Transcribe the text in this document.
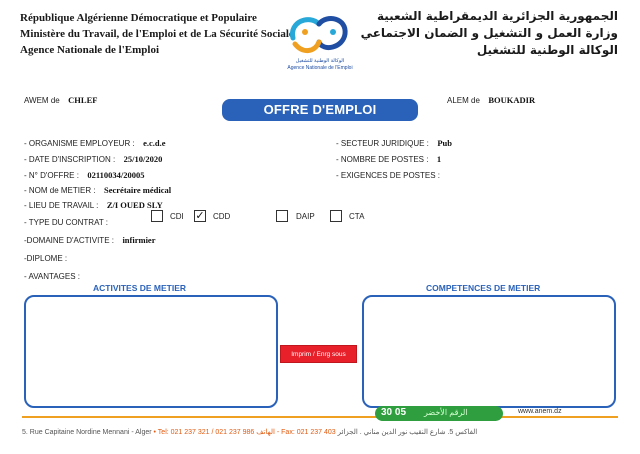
République Algérienne Démocratique et Populaire
Ministère du Travail, de l'Emploi et de La Sécurité Sociale
Agence Nationale de l'Emploi
الوكالة الوطنية للتشغيل
Agence Nationale de l'Emploi
الجمهورية الجزائرية الديمقراطية الشعبية
وزارة العمل و التشغيل و الضمان الاجتماعي
الوكالة الوطنية للتشغيل
AWEM de CHLEF	ALEM de BOUKADIR
OFFRE D'EMPLOI
- ORGANISME EMPLOYEUR : e.c.d.e
- DATE D'INSCRIPTION : 25/10/2020
- N° D'OFFRE : 02110034/20005
- NOM de METIER : Secrétaire médical
- LIEU DE TRAVAIL : Z/I OUED SLY
- SECTEUR JURIDIQUE : Pub
- NOMBRE DE POSTES : 1
- EXIGENCES DE POSTES :
- TYPE DU CONTRAT :
CDI ✓ CDD	DAIP	CTA
-DOMAINE D'ACTIVITE : infirmier
-DIPLOME :
- AVANTAGES :
ACTIVITES DE METIER	COMPETENCES DE METIER
Imprim / Enrg sous
30 05 الرقم الأخضر	www.anem.dz
5. Rue Capitaine Nordine Mennani - Alger • Tel: 021 237 321 / 021 237 986 الهاتف - Fax: 021 237 403	الفاكس 5. شارع النقيب نور الدين مناني . الجزائر
